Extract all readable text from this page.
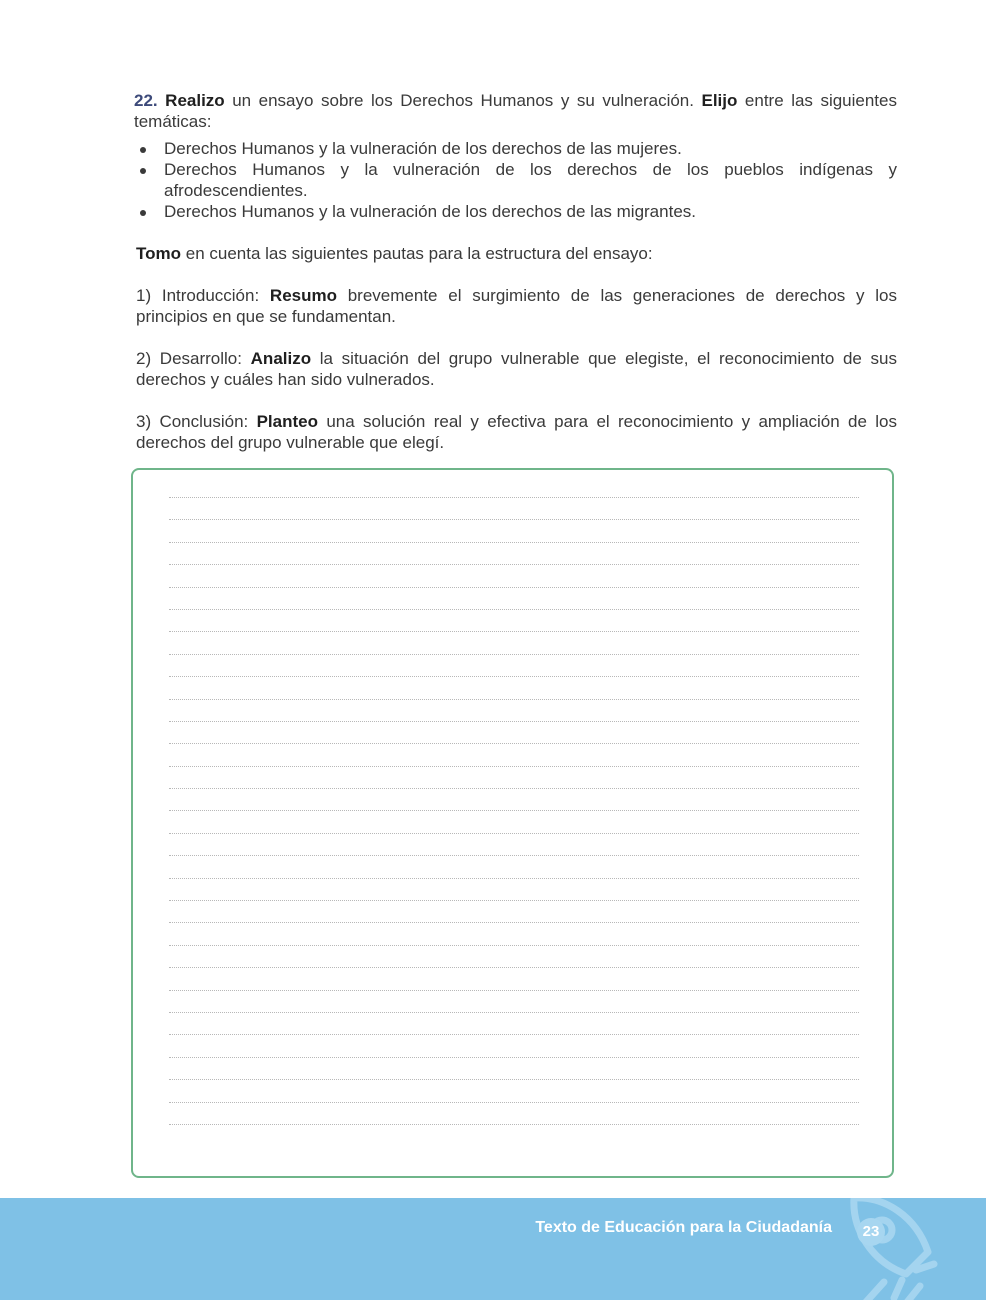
22. Realizo un ensayo sobre los Derechos Humanos y su vulneración. Elijo entre las siguientes temáticas:

Derechos Humanos y la vulneración de los derechos de las mujeres.
Derechos Humanos y la vulneración de los derechos de los pueblos indígenas y afrodescendientes.
Derechos Humanos y la vulneración de los derechos de las migrantes.

Tomo en cuenta las siguientes pautas para la estructura del ensayo:

1) Introducción: Resumo brevemente el surgimiento de las generaciones de derechos y los principios en que se fundamentan.

2) Desarrollo: Analizo la situación del grupo vulnerable que elegiste, el reconocimiento de sus derechos y cuáles han sido vulnerados.

3) Conclusión: Planteo una solución real y efectiva para el reconocimiento y ampliación de los derechos del grupo vulnerable que elegí.

Texto de Educación para la Ciudadanía	23
